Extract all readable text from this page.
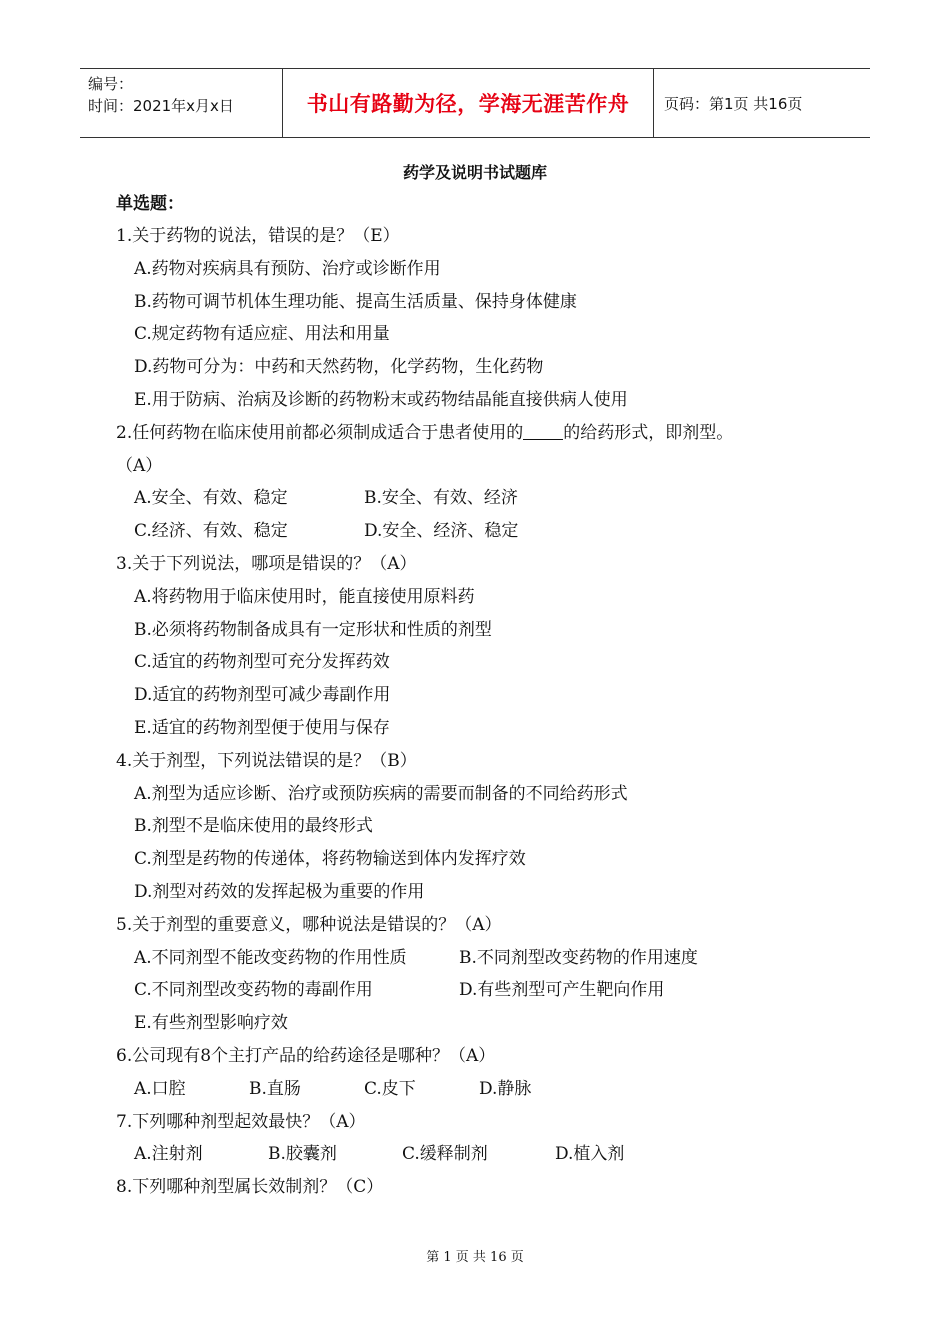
编号：
时间：2021年x月x日	书山有路勤为径，学海无涯苦作舟 页码：第1页 共16页
药学及说明书试题库
单选题：
1.关于药物的说法，错误的是？（E）
A.药物对疾病具有预防、治疗或诊断作用
B.药物可调节机体生理功能、提高生活质量、保持身体健康
C.规定药物有适应症、用法和用量
D.药物可分为：中药和天然药物，化学药物，生化药物
E.用于防病、治病及诊断的药物粉末或药物结晶能直接供病人使用
2.任何药物在临床使用前都必须制成适合于患者使用的 的给药形式，即剂型。
（A）
A.安全、有效、稳定	B.安全、有效、经济
C.经济、有效、稳定	D.安全、经济、稳定
3.关于下列说法，哪项是错误的？（A）
A.将药物用于临床使用时，能直接使用原料药
B.必须将药物制备成具有一定形状和性质的剂型
C.适宜的药物剂型可充分发挥药效
D.适宜的药物剂型可减少毒副作用
E.适宜的药物剂型便于使用与保存
4.关于剂型，下列说法错误的是？（B）
A.剂型为适应诊断、治疗或预防疾病的需要而制备的不同给药形式
B.剂型不是临床使用的最终形式
C.剂型是药物的传递体，将药物输送到体内发挥疗效
D.剂型对药效的发挥起极为重要的作用
5.关于剂型的重要意义，哪种说法是错误的？（A）
A.不同剂型不能改变药物的作用性质	B.不同剂型改变药物的作用速度
C.不同剂型改变药物的毒副作用	D.有些剂型可产生靶向作用
E.有些剂型影响疗效
6.公司现有8个主打产品的给药途径是哪种？（A）
A.口腔	B.直肠	C.皮下	D.静脉
7.下列哪种剂型起效最快？（A）
A.注射剂	B.胶囊剂	C.缓释制剂	D.植入剂
8.下列哪种剂型属长效制剂？（C）
第 1 页 共 16 页
